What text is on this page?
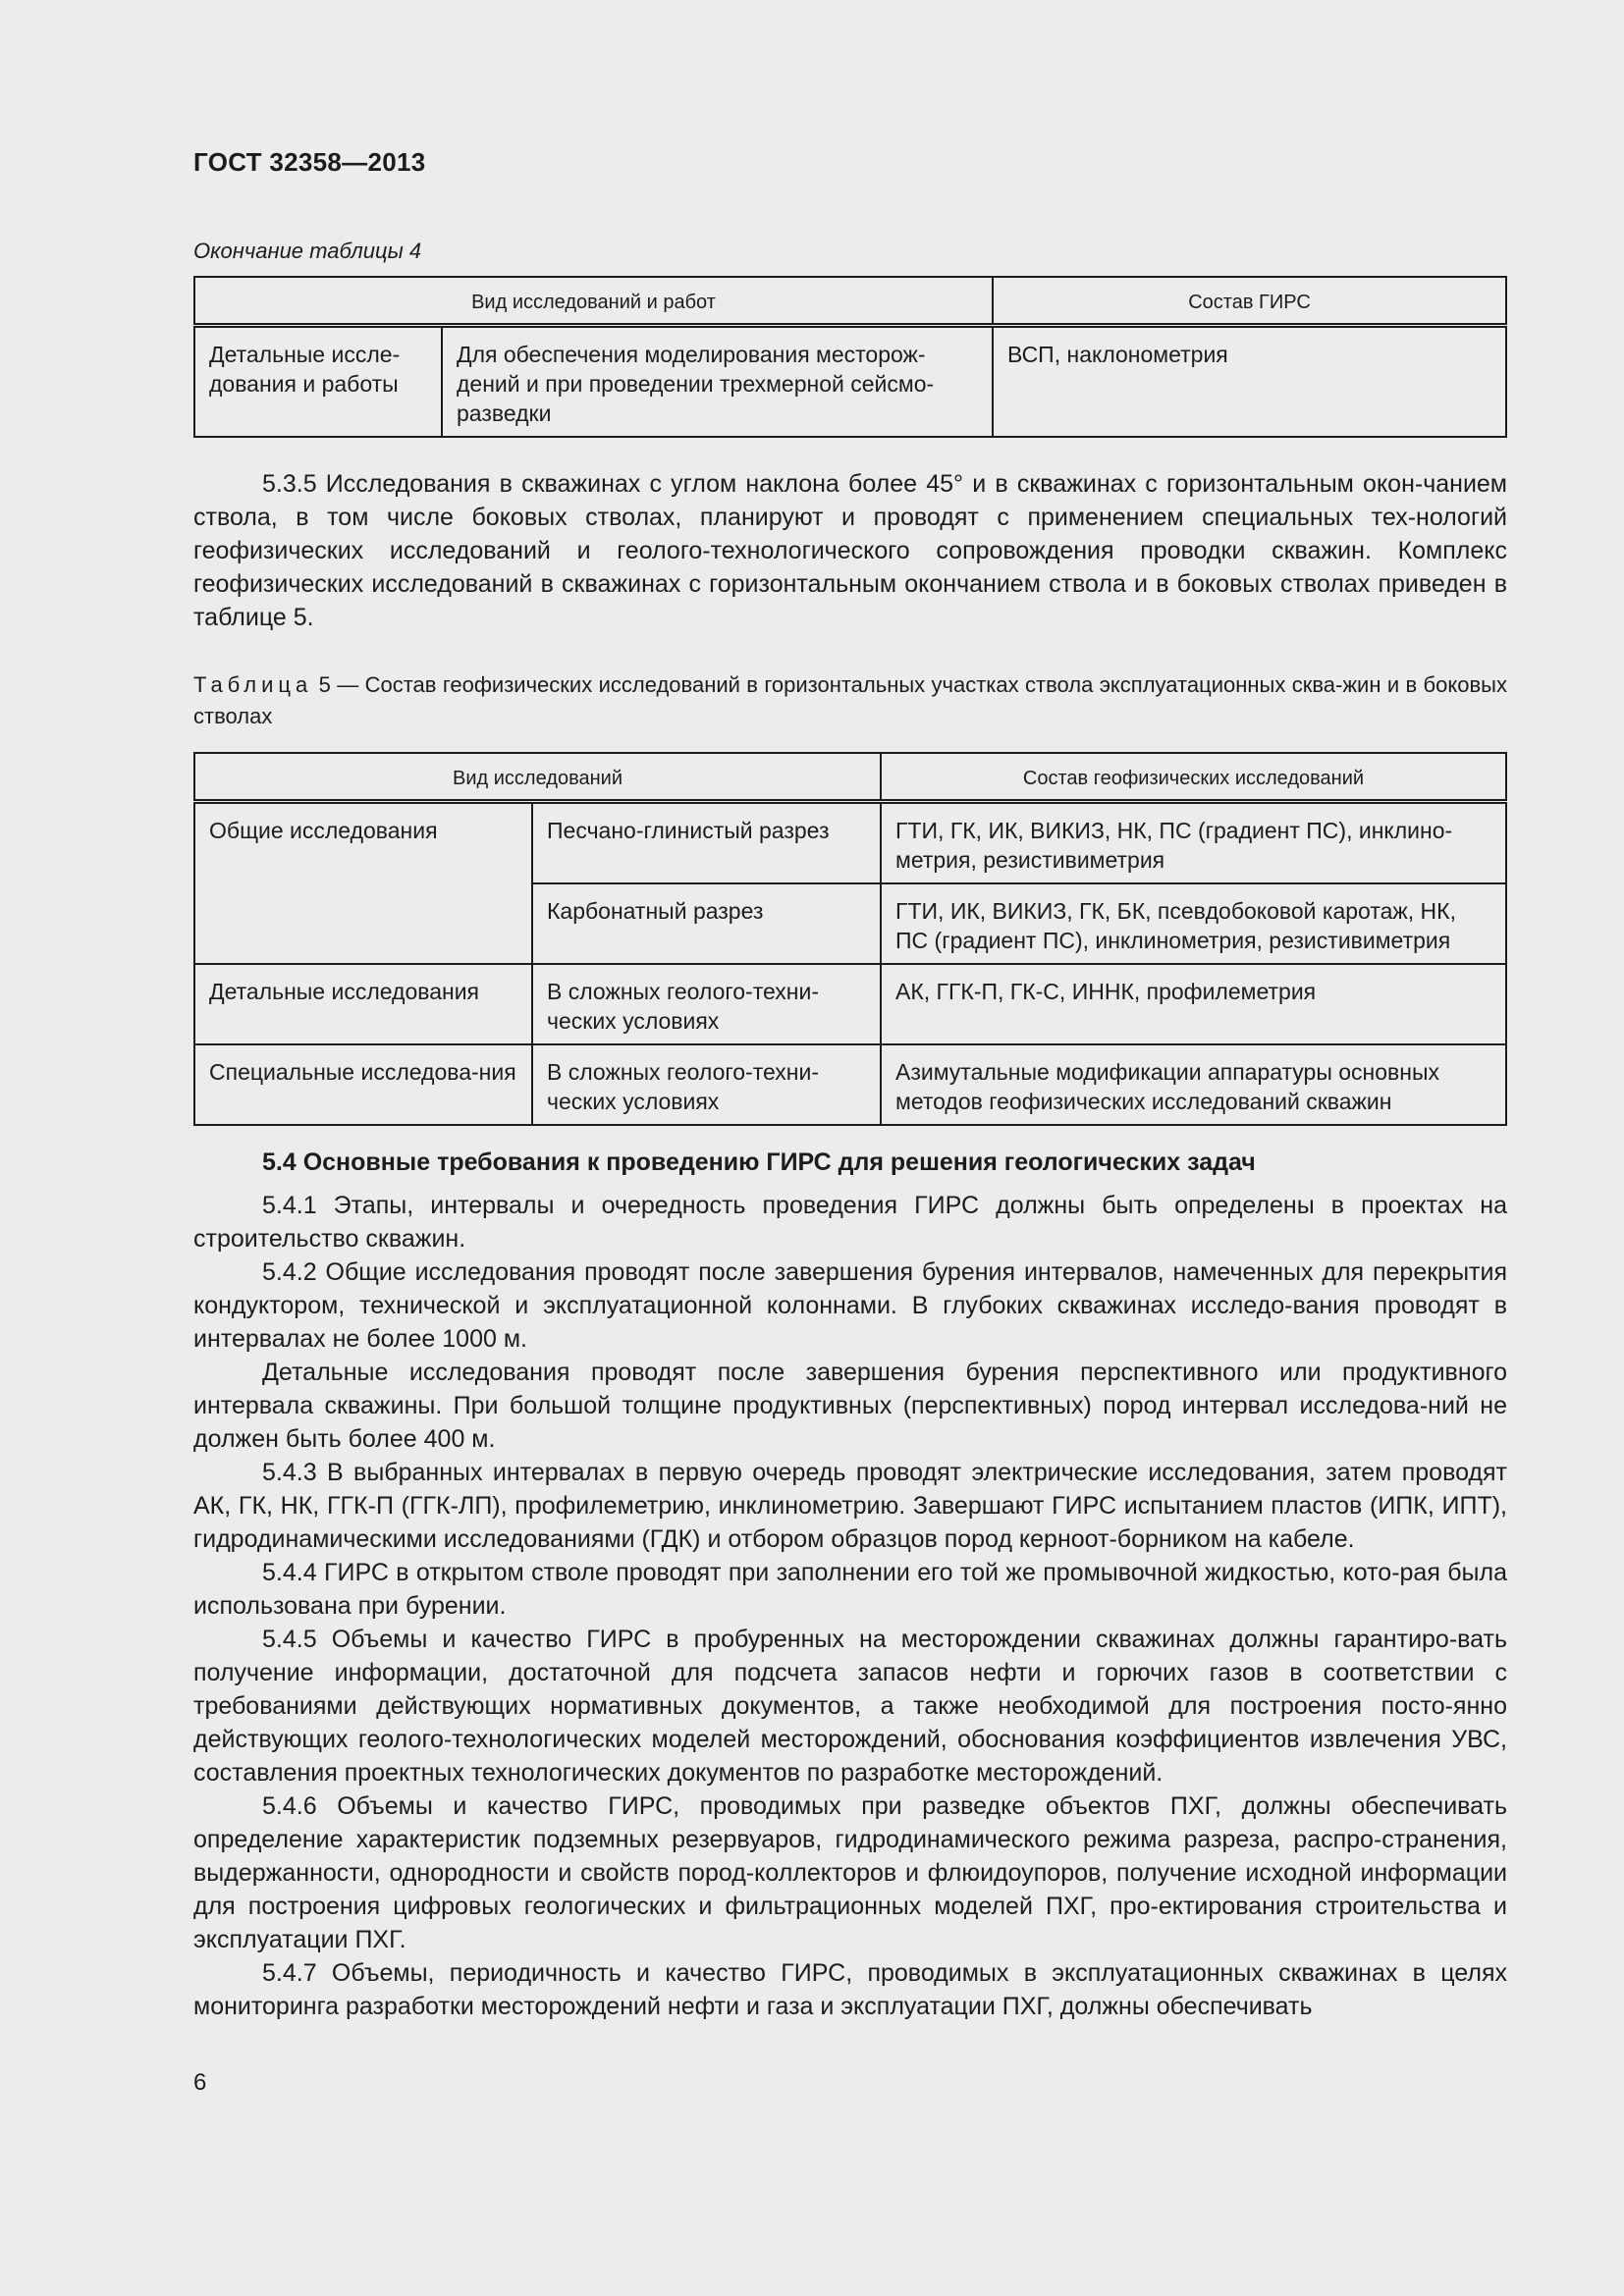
ГОСТ 32358—2013
Окончание таблицы 4
Вид исследований и работ		Состав ГИРС
Детальные иссле-дования и работы	Для обеспечения моделирования месторож-дений и при проведении трехмерной сейсмо-разведки	ВСП, наклонометрия

5.3.5 Исследования в скважинах с углом наклона более 45° и в скважинах с горизонтальным окон-чанием ствола, в том числе боковых стволах, планируют и проводят с применением специальных тех-нологий геофизических исследований и геолого-технологического сопровождения проводки скважин. Комплекс геофизических исследований в скважинах с горизонтальным окончанием ствола и в боковых стволах приведен в таблице 5.

Таблица 5 — Состав геофизических исследований в горизонтальных участках ствола эксплуатационных сква-жин и в боковых стволах
Вид исследований		Состав геофизических исследований
Общие исследования	Песчано-глинистый разрез	ГТИ, ГК, ИК, ВИКИЗ, НК, ПС (градиент ПС), инклино-метрия, резистивиметрия
	Карбонатный разрез	ГТИ, ИК, ВИКИЗ, ГК, БК, псевдобоковой каротаж, НК, ПС (градиент ПС), инклинометрия, резистивиметрия
Детальные исследования	В сложных геолого-техни-ческих условиях	АК, ГГК-П, ГК-С, ИННК, профилеметрия
Специальные исследова-ния	В сложных геолого-техни-ческих условиях	Азимутальные модификации аппаратуры основных методов геофизических исследований скважин
5.4 Основные требования к проведению ГИРС для решения геологических задач

5.4.1 Этапы, интервалы и очередность проведения ГИРС должны быть определены в проектах на строительство скважин.

5.4.2 Общие исследования проводят после завершения бурения интервалов, намеченных для перекрытия кондуктором, технической и эксплуатационной колоннами. В глубоких скважинах исследо-вания проводят в интервалах не более 1000 м.

Детальные исследования проводят после завершения бурения перспективного или продуктивного интервала скважины. При большой толщине продуктивных (перспективных) пород интервал исследова-ний не должен быть более 400 м.

5.4.3 В выбранных интервалах в первую очередь проводят электрические исследования, затем проводят АК, ГК, НК, ГГК-П (ГГК-ЛП), профилеметрию, инклинометрию. Завершают ГИРС испытанием пластов (ИПК, ИПТ), гидродинамическими исследованиями (ГДК) и отбором образцов пород керноот-борником на кабеле.

5.4.4 ГИРС в открытом стволе проводят при заполнении его той же промывочной жидкостью, кото-рая была использована при бурении.

5.4.5 Объемы и качество ГИРС в пробуренных на месторождении скважинах должны гарантиро-вать получение информации, достаточной для подсчета запасов нефти и горючих газов в соответствии с требованиями действующих нормативных документов, а также необходимой для построения посто-янно действующих геолого-технологических моделей месторождений, обоснования коэффициентов извлечения УВС, составления проектных технологических документов по разработке месторождений.

5.4.6 Объемы и качество ГИРС, проводимых при разведке объектов ПХГ, должны обеспечивать определение характеристик подземных резервуаров, гидродинамического режима разреза, распро-странения, выдержанности, однородности и свойств пород-коллекторов и флюидоупоров, получение исходной информации для построения цифровых геологических и фильтрационных моделей ПХГ, про-ектирования строительства и эксплуатации ПХГ.

5.4.7 Объемы, периодичность и качество ГИРС, проводимых в эксплуатационных скважинах в целях мониторинга разработки месторождений нефти и газа и эксплуатации ПХГ, должны обеспечивать

6
